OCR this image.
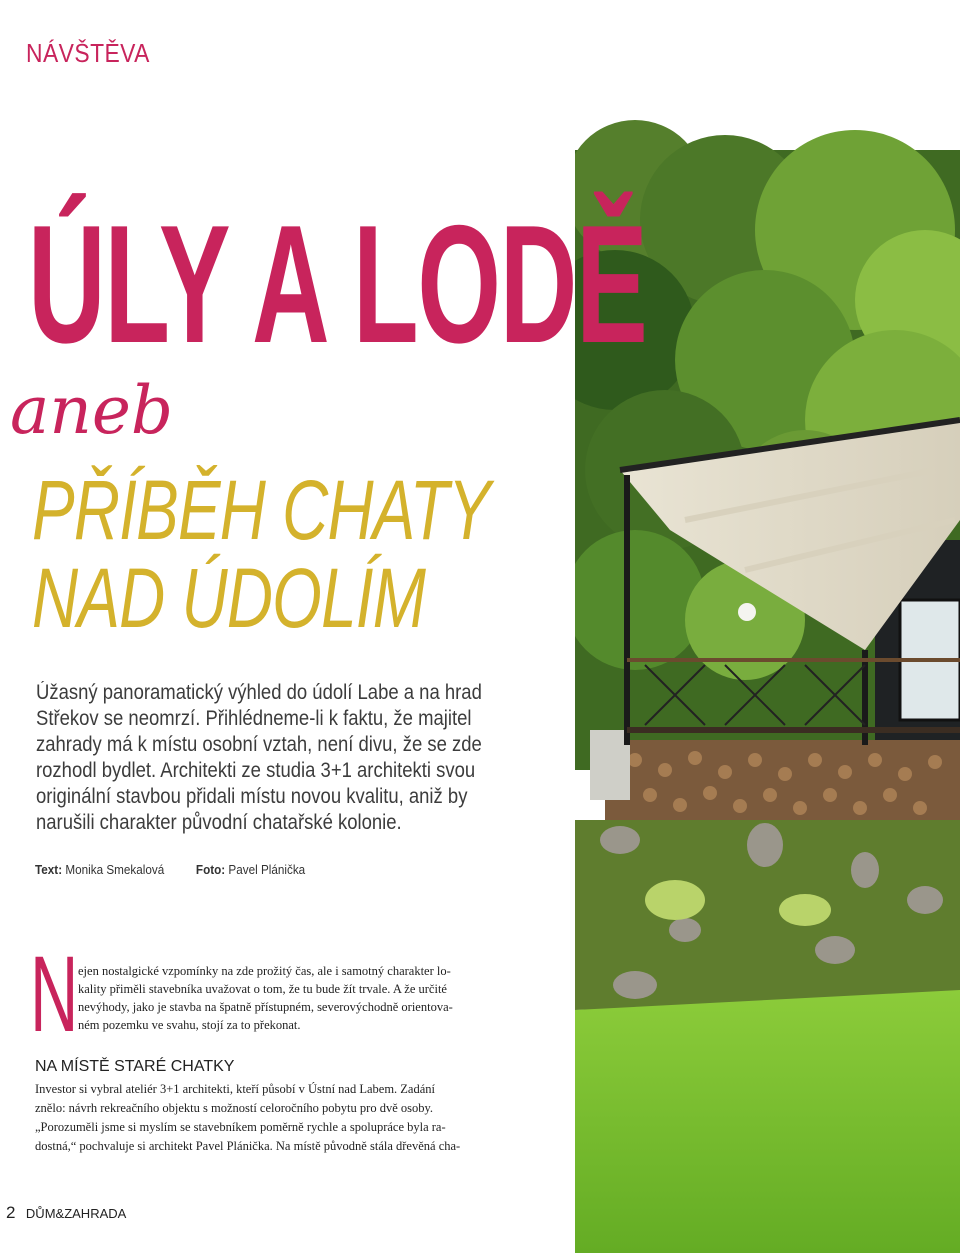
NÁVŠTĚVA
ÚLY A LODĚ
aneb
PŘÍBĚH CHATY
NAD ÚDOLÍM
Úžasný panoramatický výhled do údolí Labe a na hrad
Střekov se neomrzí. Přihlédneme-li k faktu, že majitel
zahrady má k místu osobní vztah, není divu, že se zde
rozhodl bydlet. Architekti ze studia 3+1 architekti svou
originální stavbou přidali místu novou kvalitu, aniž by
narušili charakter původní chatařské kolonie.
Text: Monika Smekalová Foto: Pavel Plánička
N ejen nostalgické vzpomínky na zde prožitý čas, ale i samotný charakter lo-
kality přiměli stavebníka uvažovat o tom, že tu bude žít trvale. A že určité
nevýhody, jako je stavba na špatně přístupném, severovýchodně orientova-
ném pozemku ve svahu, stojí za to překonat.
NA MÍSTĚ STARÉ CHATKY
Investor si vybral ateliér 3+1 architekti, kteří působí v Ústní nad Labem. Zadání
znělo: návrh rekreačního objektu s možností celoročního pobytu pro dvě osoby.
„Porozuměli jsme si myslím se stavebníkem poměrně rychle a spolupráce byla ra-
dostná,“ pochvaluje si architekt Pavel Plánička. Na místě původně stála dřevěná cha-
2 DŮM&ZAHRADA
